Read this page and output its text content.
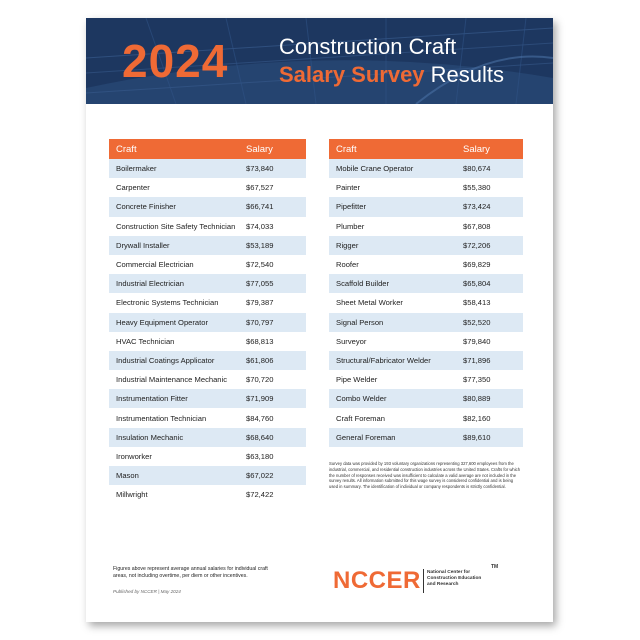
2024 Construction Craft
Salary Survey Results
Craft	Salary
Boilermaker	$73,840
Carpenter	$67,527
Concrete Finisher	$66,741
Construction Site Safety Technician	$74,033
Drywall Installer	$53,189
Commercial Electrician	$72,540
Industrial Electrician	$77,055
Electronic Systems Technician	$79,387
Heavy Equipment Operator	$70,797
HVAC Technician	$68,813
Industrial Coatings Applicator	$61,806
Industrial Maintenance Mechanic	$70,720
Instrumentation Fitter	$71,909
Instrumentation Technician	$84,760
Insulation Mechanic	$68,640
Ironworker	$63,180
Mason	$67,022
Millwright	$72,422
Craft	Salary
Mobile Crane Operator	$80,674
Painter	$55,380
Pipefitter	$73,424
Plumber	$67,808
Rigger	$72,206
Roofer	$69,829
Scaffold Builder	$65,804
Sheet Metal Worker	$58,413
Signal Person	$52,520
Surveyor	$79,840
Structural/Fabricator Welder	$71,896
Pipe Welder	$77,350
Combo Welder	$80,889
Craft Foreman	$82,160
General Foreman	$89,610
Survey data was provided by 193 voluntary organizations representing 327,600 employees from the industrial, commercial, and residential construction industries across the United States. Crafts for which the number of responses received was insufficient to calculate a valid average are not included in the survey results. All information submitted for this wage survey is considered confidential and is being used in summary. The identification of individual or company respondents is strictly confidential.
Figures above represent average annual salaries for individual craft areas, not including overtime, per diem or other incentives.
Published by NCCER | May 2024	NCCER National Center for
Construction Education
and Research
TM
